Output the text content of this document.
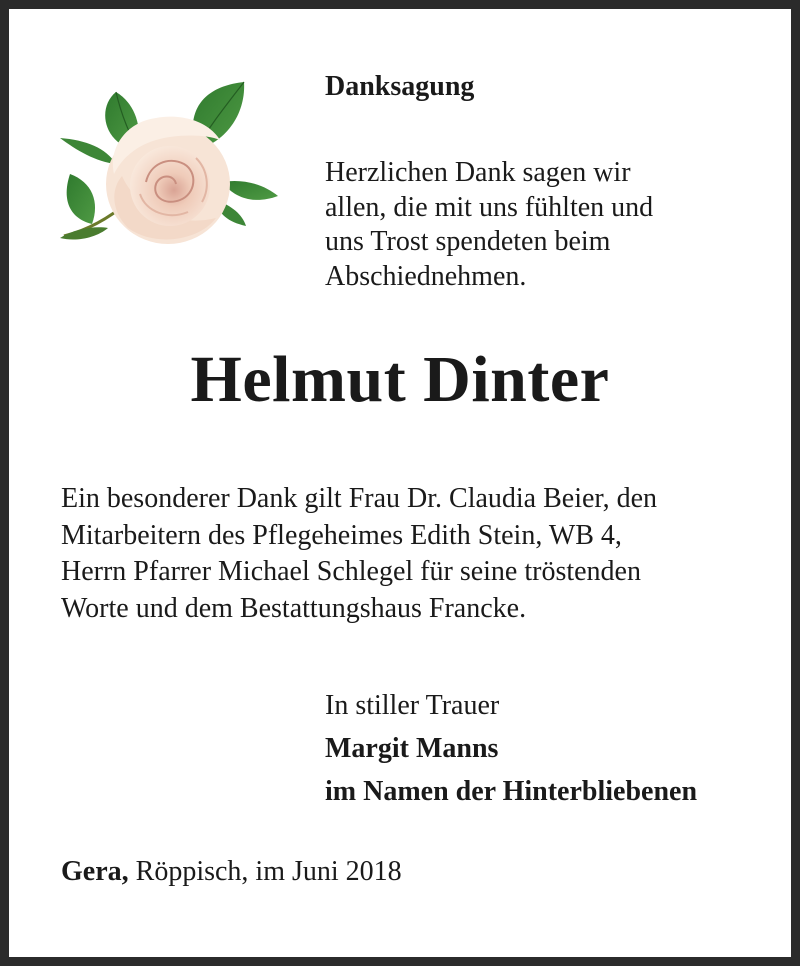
Danksagung
Herzlichen Dank sagen wir
allen, die mit uns fühlten und
uns Trost spendeten beim
Abschiednehmen.
Helmut Dinter
Ein besonderer Dank gilt Frau Dr. Claudia Beier, den
Mitarbeitern des Pflegeheimes Edith Stein, WB 4,
Herrn Pfarrer Michael Schlegel für seine tröstenden
Worte und dem Bestattungshaus Francke.
In stiller Trauer
Margit Manns
im Namen der Hinterbliebenen
Gera, Röppisch, im Juni 2018
